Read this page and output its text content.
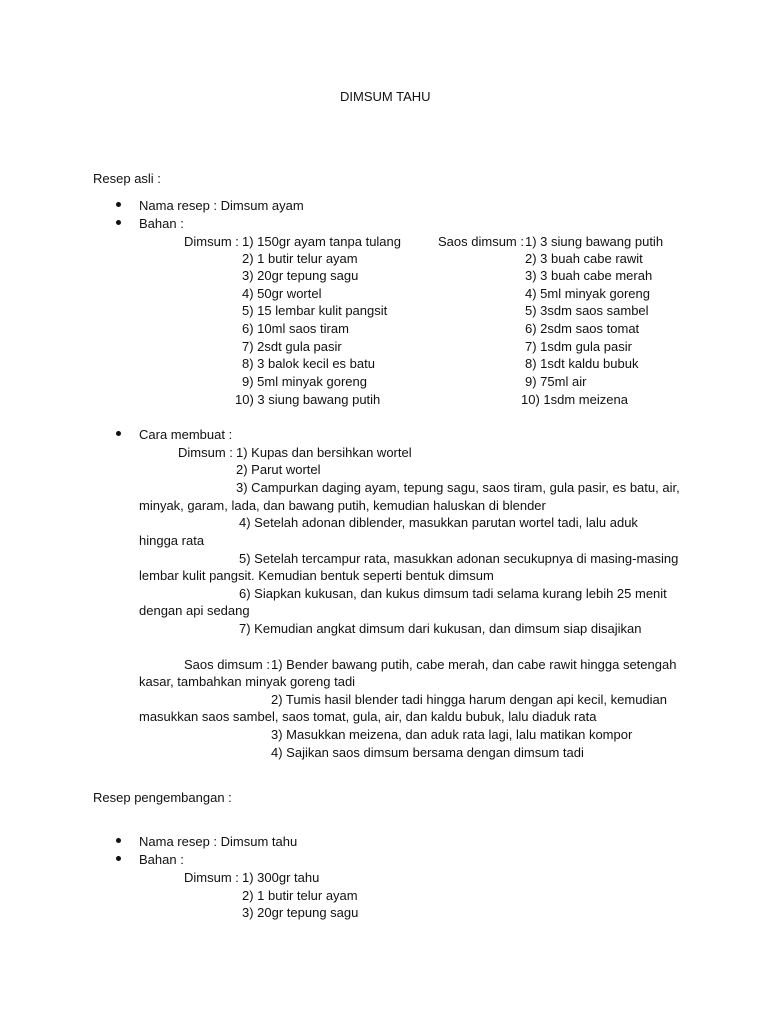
DIMSUM TAHU
Resep asli :
Nama resep : Dimsum ayam
Bahan :
Dimsum : 1) 150gr ayam tanpa tulang
2) 1 butir telur ayam
3) 20gr tepung sagu
4) 50gr wortel
5) 15 lembar kulit pangsit
6) 10ml saos tiram
7) 2sdt gula pasir
8) 3 balok kecil es batu
9) 5ml minyak goreng
10) 3 siung bawang putih
Saos dimsum : 1) 3 siung bawang putih
2) 3 buah cabe rawit
3) 3 buah cabe merah
4) 5ml minyak goreng
5) 3sdm saos sambel
6) 2sdm saos tomat
7) 1sdm gula pasir
8) 1sdt kaldu bubuk
9) 75ml air
10) 1sdm meizena
Cara membuat :
Dimsum : 1) Kupas dan bersihkan wortel
2) Parut wortel
3) Campurkan daging ayam, tepung sagu, saos tiram, gula pasir, es batu, air,
minyak, garam, lada, dan bawang putih, kemudian haluskan di blender
4) Setelah adonan diblender, masukkan parutan wortel tadi, lalu aduk
hingga rata
5) Setelah tercampur rata, masukkan adonan secukupnya di masing-masing
lembar kulit pangsit. Kemudian bentuk seperti bentuk dimsum
6) Siapkan kukusan, dan kukus dimsum tadi selama kurang lebih 25 menit
dengan api sedang
7) Kemudian angkat dimsum dari kukusan, dan dimsum siap disajikan
Saos dimsum : 1) Bender bawang putih, cabe merah, dan cabe rawit hingga setengah
kasar, tambahkan minyak goreng tadi
2) Tumis hasil blender tadi hingga harum dengan api kecil, kemudian
masukkan saos sambel, saos tomat, gula, air, dan kaldu bubuk, lalu diaduk rata
3) Masukkan meizena, dan aduk rata lagi, lalu matikan kompor
4) Sajikan saos dimsum bersama dengan dimsum tadi
Resep pengembangan :
Nama resep : Dimsum tahu
Bahan :
Dimsum : 1) 300gr tahu
2) 1 butir telur ayam
3) 20gr tepung sagu
